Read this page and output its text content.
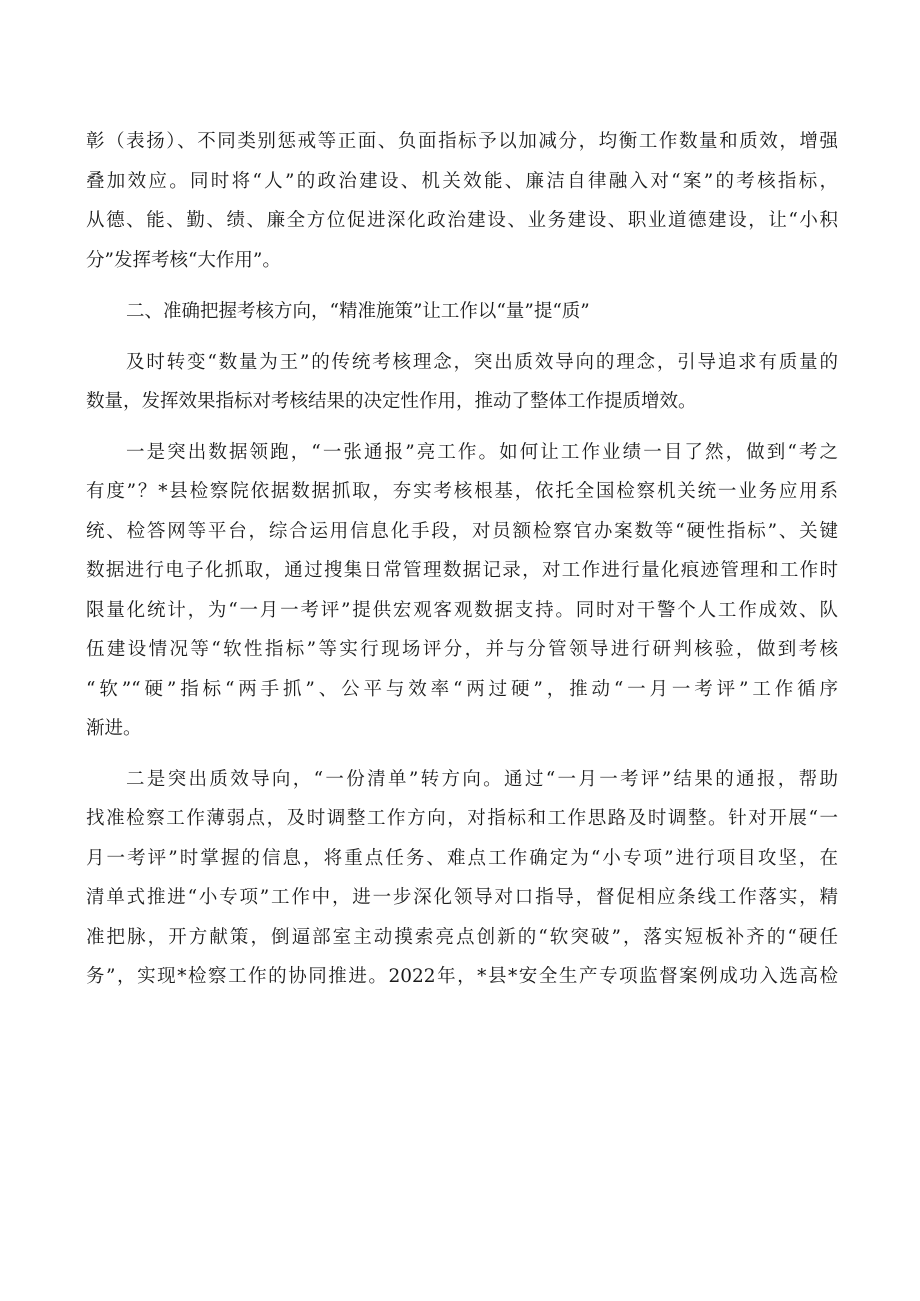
彰（表扬）、不同类别惩戒等正面、负面指标予以加减分，均衡工作数量和质效，增强
叠加效应。同时将“人”的政治建设、机关效能、廉洁自律融入对“案”的考核指标，
从德、能、勤、绩、廉全方位促进深化政治建设、业务建设、职业道德建设，让“小积
分”发挥考核“大作用”。
二、准确把握考核方向，“精准施策”让工作以“量”提“质”
及时转变“数量为王”的传统考核理念，突出质效导向的理念，引导追求有质量的
数量，发挥效果指标对考核结果的决定性作用，推动了整体工作提质增效。
一是突出数据领跑，“一张通报”亮工作。如何让工作业绩一目了然，做到“考之
有度”？*县检察院依据数据抓取，夯实考核根基，依托全国检察机关统一业务应用系
统、检答网等平台，综合运用信息化手段，对员额检察官办案数等“硬性指标”、关键
数据进行电子化抓取，通过搜集日常管理数据记录，对工作进行量化痕迹管理和工作时
限量化统计，为“一月一考评”提供宏观客观数据支持。同时对干警个人工作成效、队
伍建设情况等“软性指标”等实行现场评分，并与分管领导进行研判核验，做到考核
“软”“硬”指标“两手抓”、公平与效率“两过硬”，推动“一月一考评”工作循序
渐进。
二是突出质效导向，“一份清单”转方向。通过“一月一考评”结果的通报，帮助
找准检察工作薄弱点，及时调整工作方向，对指标和工作思路及时调整。针对开展“一
月一考评”时掌握的信息，将重点任务、难点工作确定为“小专项”进行项目攻坚，在
清单式推进“小专项”工作中，进一步深化领导对口指导，督促相应条线工作落实，精
准把脉，开方献策，倒逼部室主动摸索亮点创新的“软突破”，落实短板补齐的“硬任
务”，实现*检察工作的协同推进。2022年，*县*安全生产专项监督案例成功入选高检
